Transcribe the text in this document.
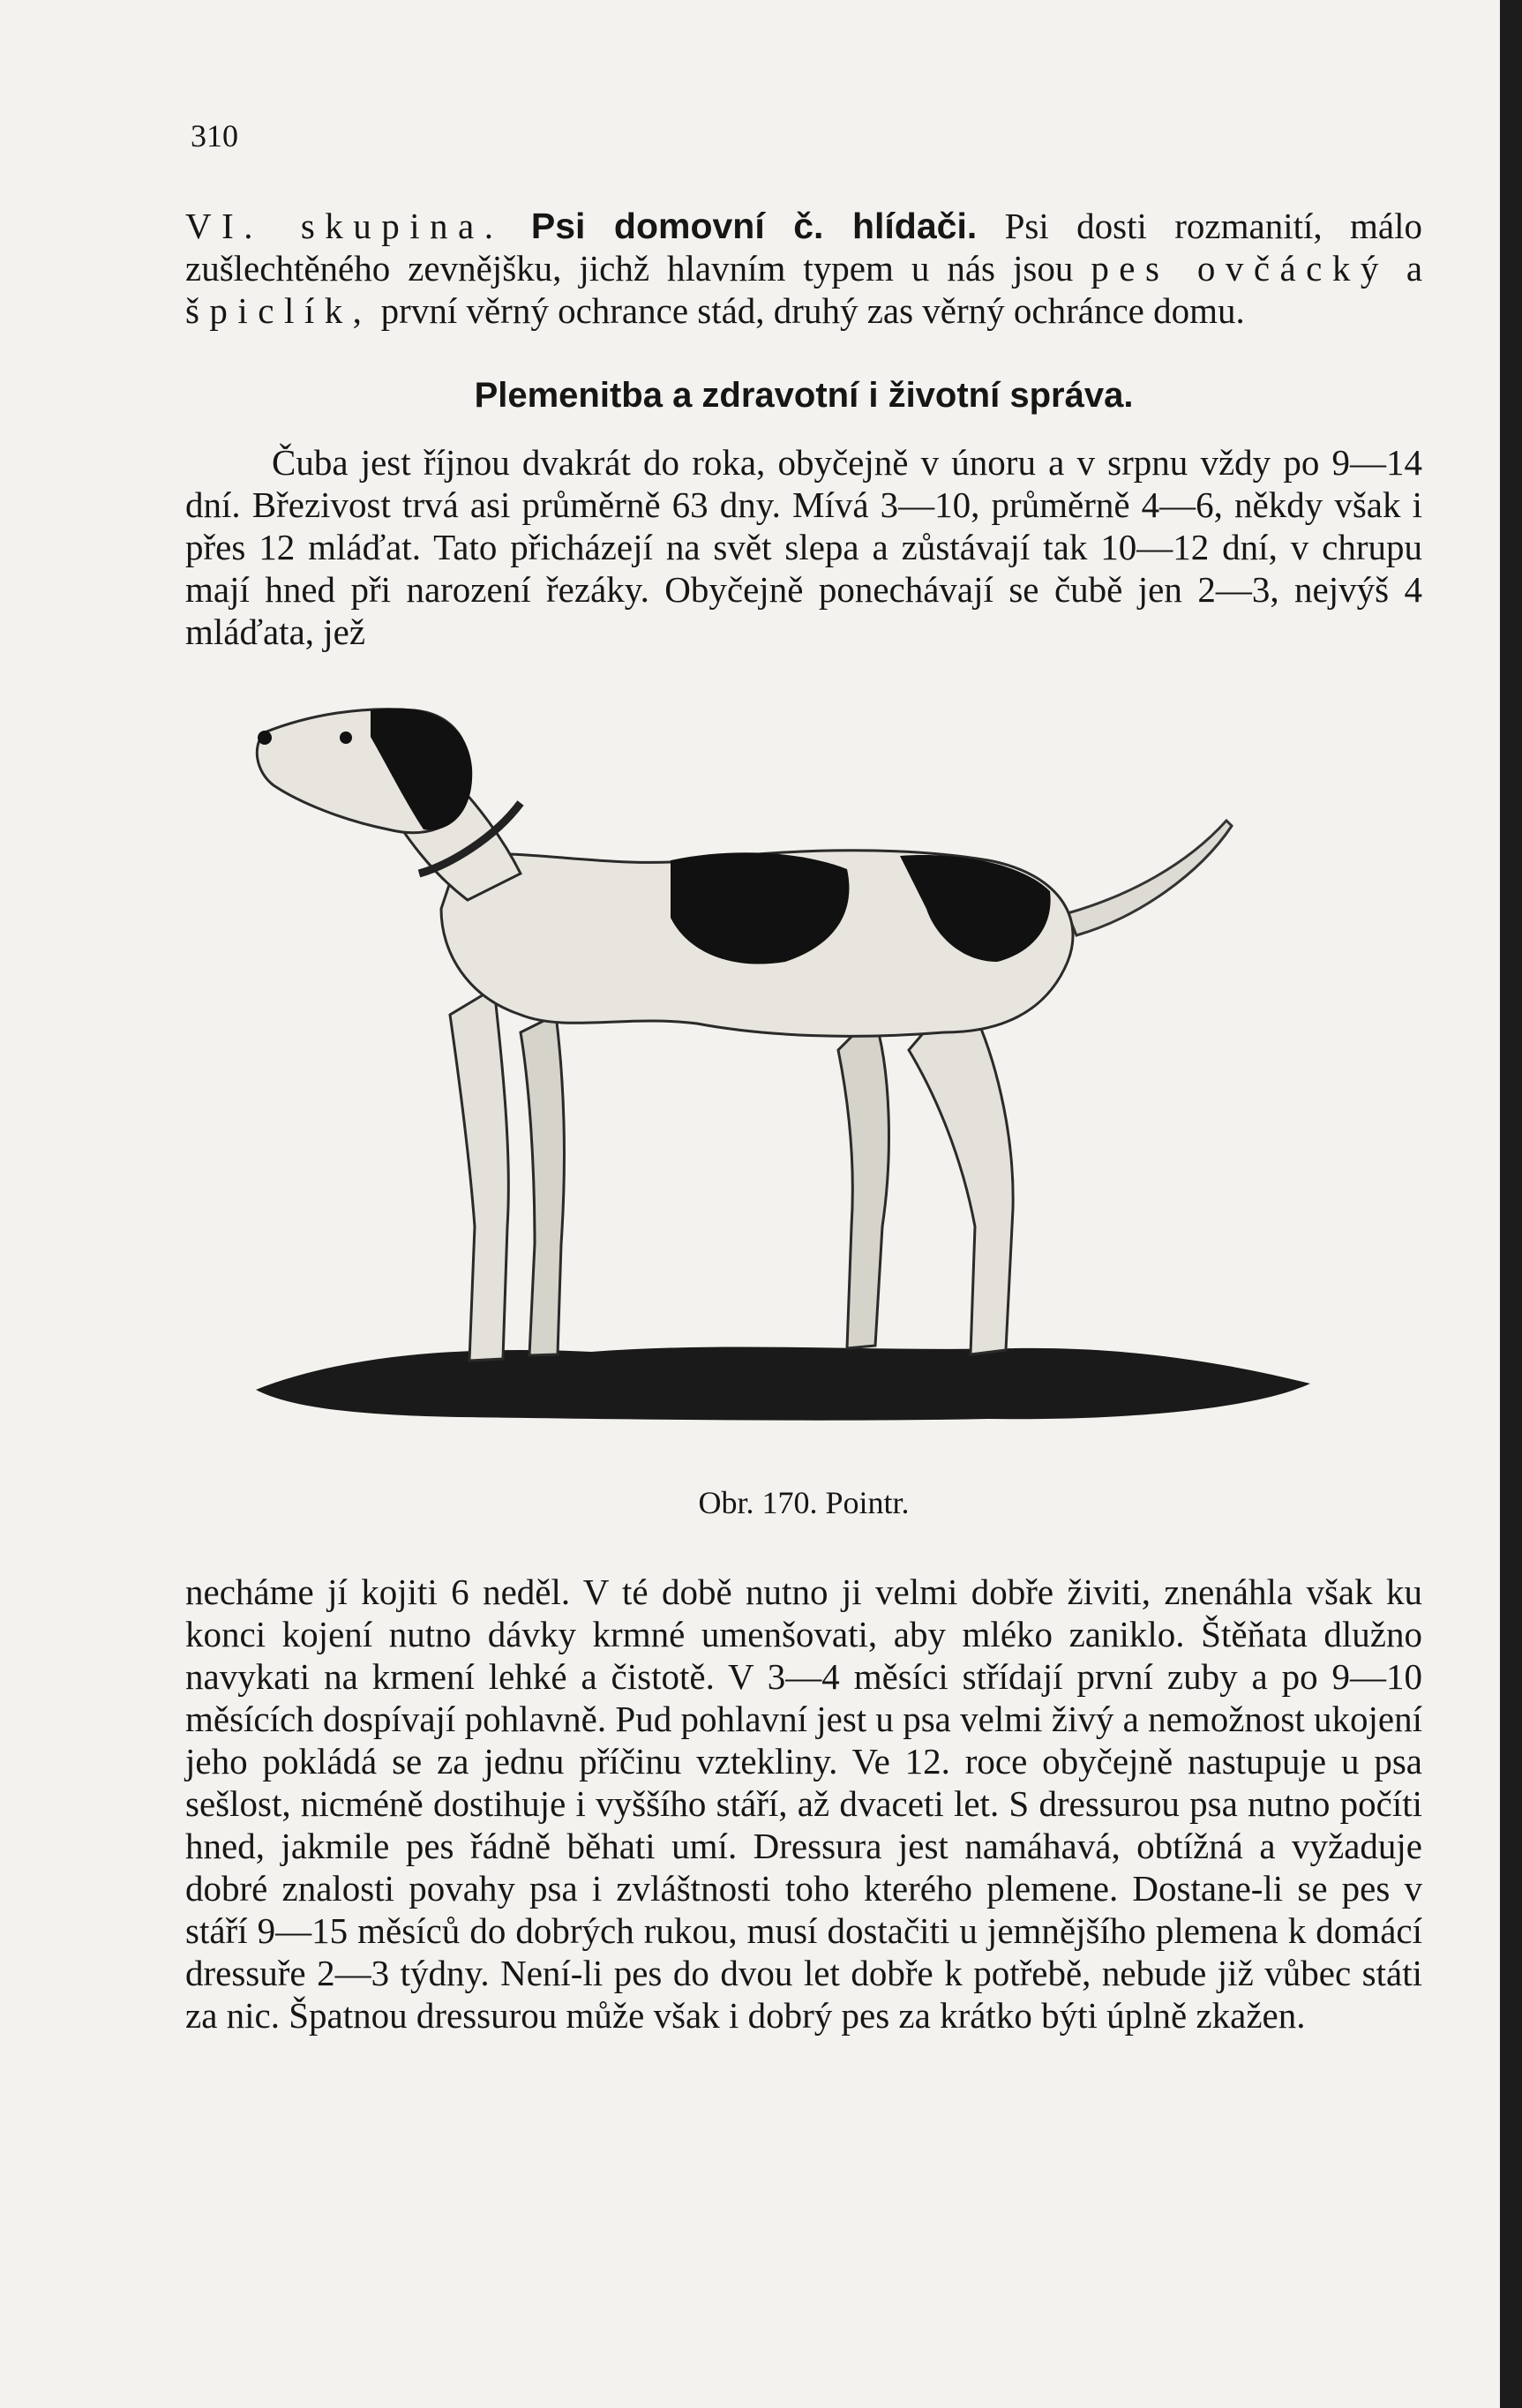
310

VI. skupina. Psi domovní č. hlídači. Psi dosti rozmanití, málo zušlechtěného zevnějšku, jichž hlavním typem u nás jsou pes ovčácký a špiclík, první věrný ochrance stád, druhý zas věrný ochránce domu.

Plemenitba a zdravotní i životní správa.

Čuba jest říjnou dvakrát do roka, obyčejně v únoru a v srpnu vždy po 9—14 dní. Březivost trvá asi průměrně 63 dny. Mívá 3—10, průměrně 4—6, někdy však i přes 12 mláďat. Tato přicházejí na svět slepa a zůstávají tak 10—12 dní, v chrupu mají hned při narození řezáky. Obyčejně ponechávají se čubě jen 2—3, nejvýš 4 mláďata, jež

Obr. 170. Pointr.

necháme jí kojiti 6 neděl. V té době nutno ji velmi dobře živiti, znenáhla však ku konci kojení nutno dávky krmné umenšovati, aby mléko zaniklo. Štěňata dlužno navykati na krmení lehké a čistotě. V 3—4 měsíci střídají první zuby a po 9—10 měsících dospívají pohlavně. Pud pohlavní jest u psa velmi živý a nemožnost ukojení jeho pokládá se za jednu příčinu vztekliny. Ve 12. roce obyčejně nastupuje u psa sešlost, nicméně dostihuje i vyššího stáří, až dvaceti let. S dressurou psa nutno počíti hned, jakmile pes řádně běhati umí. Dressura jest namáhavá, obtížná a vyžaduje dobré znalosti povahy psa i zvláštnosti toho kterého plemene. Dostane-li se pes v stáří 9—15 měsíců do dobrých rukou, musí dostačiti u jemnějšího plemena k domácí dressuře 2—3 týdny. Není-li pes do dvou let dobře k potřebě, nebude již vůbec státi za nic. Špatnou dressurou může však i dobrý pes za krátko býti úplně zkažen.
